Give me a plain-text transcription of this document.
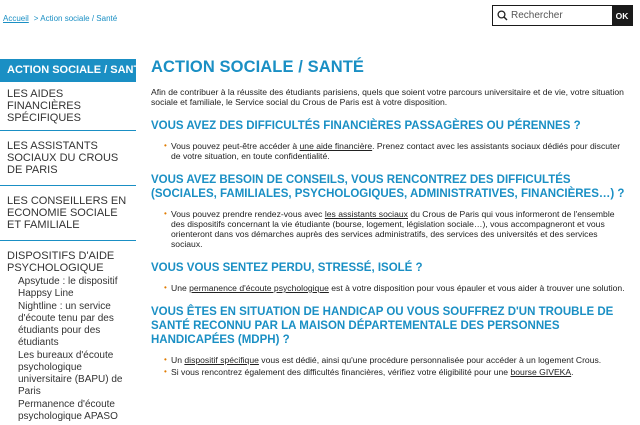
Accueil > Action sociale / Santé
Rechercher	OK
ACTION SOCIALE / SANTÉ
LES AIDES FINANCIÈRES SPÉCIFIQUES
LES ASSISTANTS SOCIAUX DU CROUS DE PARIS
LES CONSEILLERS EN ECONOMIE SOCIALE ET FAMILIALE
DISPOSITIFS D'AIDE PSYCHOLOGIQUE
Apsytude : le dispositif Happsy Line
Nightline : un service d'écoute tenu par des étudiants pour des étudiants
Les bureaux d'écoute psychologique universitaire (BAPU) de Paris
Permanence d'écoute psychologique APASO
ACTION SOCIALE / SANTÉ

Afin de contribuer à la réussite des étudiants parisiens, quels que soient votre parcours universitaire et de vie, votre situation sociale et familiale, le Service social du Crous de Paris est à votre disposition.

VOUS AVEZ DES DIFFICULTÉS FINANCIÈRES PASSAGÈRES OU PÉRENNES ?
• Vous pouvez peut-être accéder à une aide financière. Prenez contact avec les assistants sociaux dédiés pour discuter de votre situation, en toute confidentialité.
VOUS AVEZ BESOIN DE CONSEILS, VOUS RENCONTREZ DES DIFFICULTÉS (SOCIALES, FAMILIALES, PSYCHOLOGIQUES, ADMINISTRATIVES, FINANCIÈRES…) ?
• Vous pouvez prendre rendez-vous avec les assistants sociaux du Crous de Paris qui vous informeront de l'ensemble des dispositifs concernant la vie étudiante (bourse, logement, législation sociale…), vous accompagneront et vous orienteront dans vos démarches auprès des services administratifs, des services des universités et des services sociaux.
VOUS VOUS SENTEZ PERDU, STRESSÉ, ISOLÉ ?
• Une permanence d'écoute psychologique est à votre disposition pour vous épauler et vous aider à trouver une solution.
VOUS ÊTES EN SITUATION DE HANDICAP OU VOUS SOUFFREZ D'UN TROUBLE DE SANTÉ RECONNU PAR LA MAISON DÉPARTEMENTALE DES PERSONNES HANDICAPÉES (MDPH) ?
• Un dispositif spécifique vous est dédié, ainsi qu'une procédure personnalisée pour accéder à un logement Crous.
• Si vous rencontrez également des difficultés financières, vérifiez votre éligibilité pour une bourse GIVEKA.
